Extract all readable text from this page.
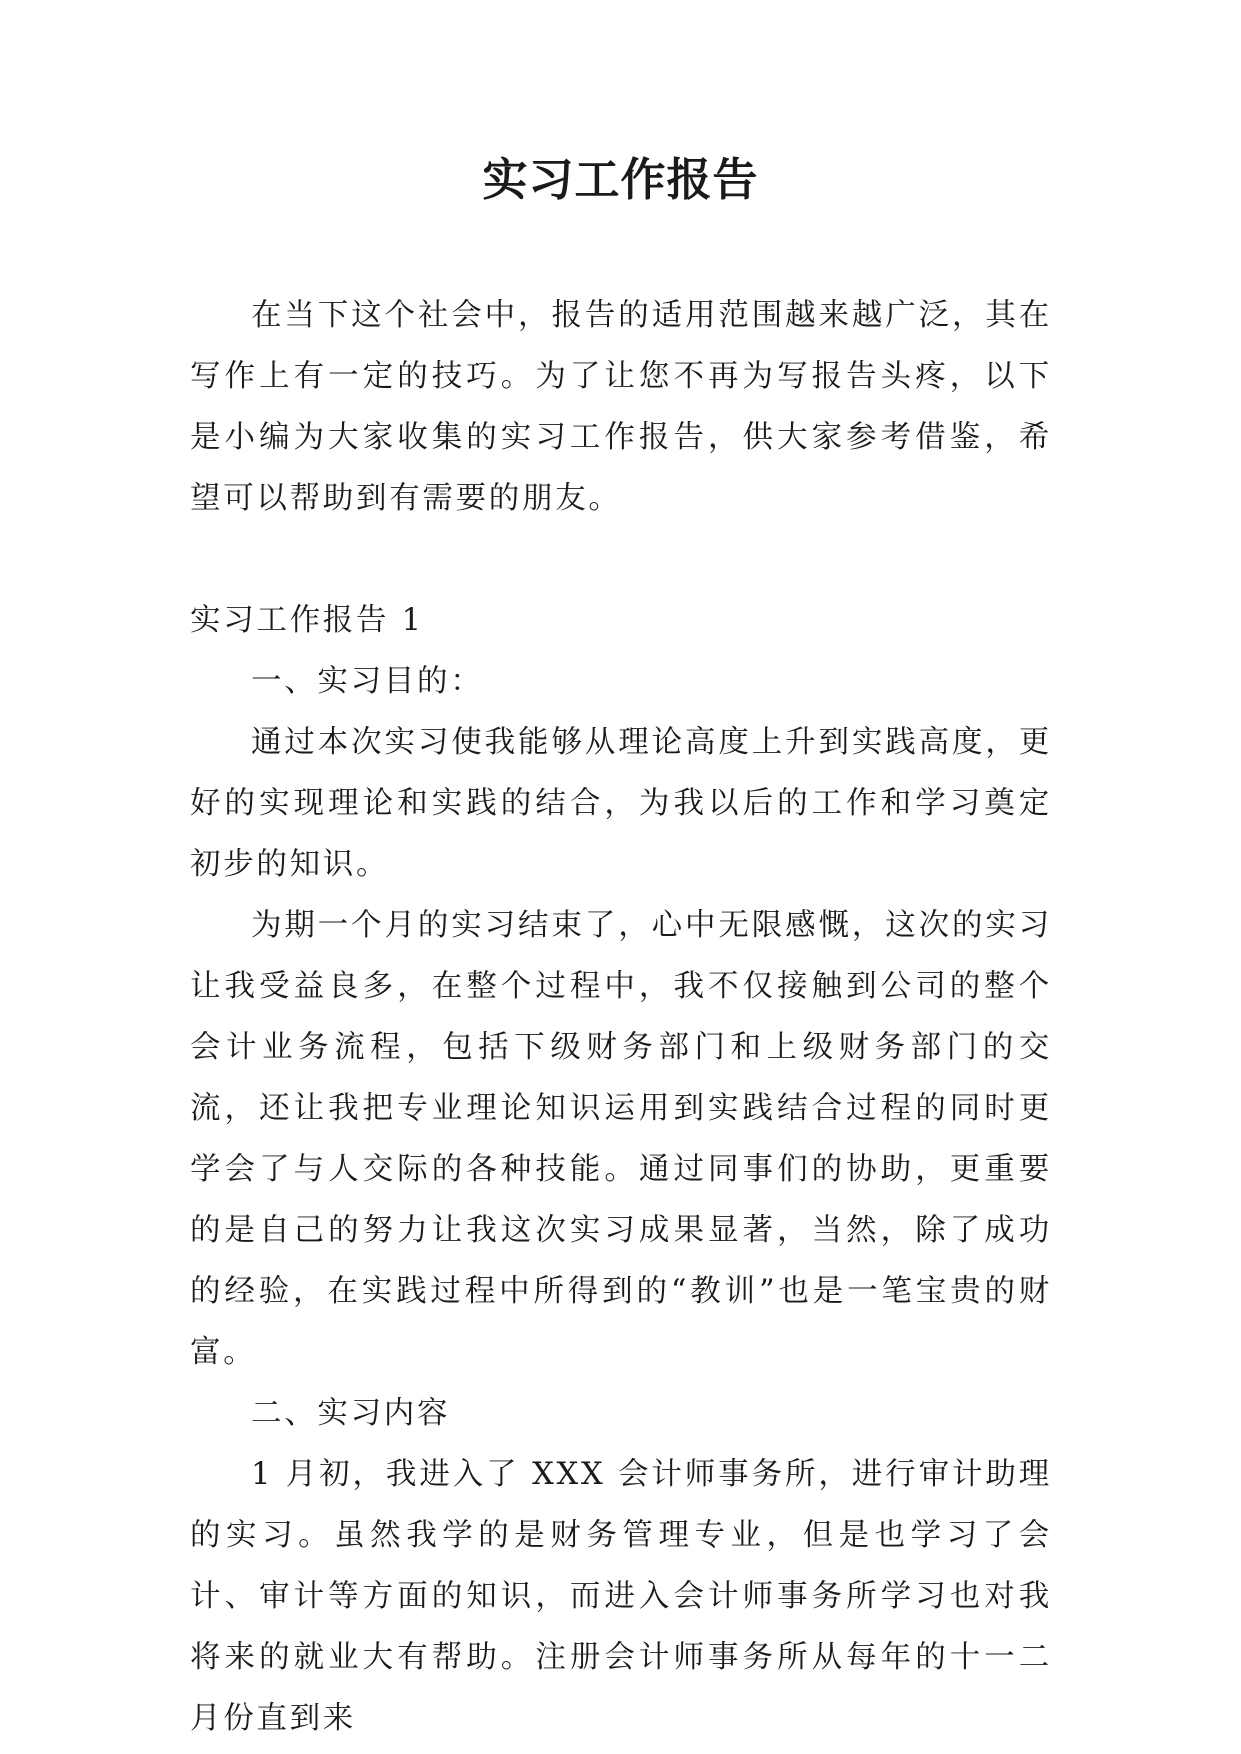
实习工作报告

在当下这个社会中，报告的适用范围越来越广泛，其在写作上有一定的技巧。为了让您不再为写报告头疼，以下是小编为大家收集的实习工作报告，供大家参考借鉴，希望可以帮助到有需要的朋友。

实习工作报告 1

一、实习目的：

通过本次实习使我能够从理论高度上升到实践高度，更好的实现理论和实践的结合，为我以后的工作和学习奠定初步的知识。

为期一个月的实习结束了，心中无限感慨，这次的实习让我受益良多，在整个过程中，我不仅接触到公司的整个会计业务流程，包括下级财务部门和上级财务部门的交流，还让我把专业理论知识运用到实践结合过程的同时更学会了与人交际的各种技能。通过同事们的协助，更重要的是自己的努力让我这次实习成果显著，当然，除了成功的经验，在实践过程中所得到的“教训”也是一笔宝贵的财富。

二、实习内容

1 月初，我进入了 XXX 会计师事务所，进行审计助理的实习。虽然我学的是财务管理专业，但是也学习了会计、审计等方面的知识，而进入会计师事务所学习也对我将来的就业大有帮助。注册会计师事务所从每年的十一二月份直到来
